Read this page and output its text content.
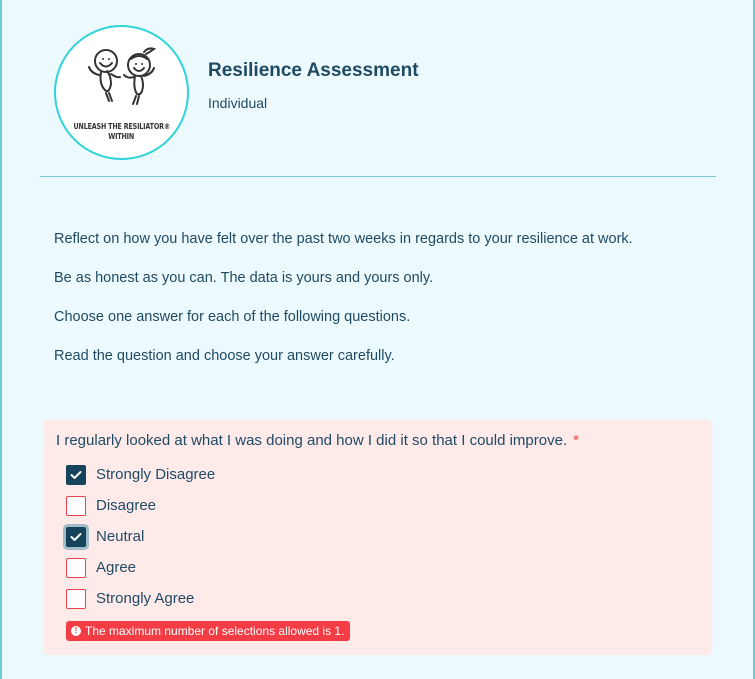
UNLEASH THE RESILIATOR®
WITHIN
Resilience Assessment
Individual

Reflect on how you have felt over the past two weeks in regards to your resilience at work.

Be as honest as you can. The data is yours and yours only.

Choose one answer for each of the following questions.

Read the question and choose your answer carefully.

I regularly looked at what I was doing and how I did it so that I could improve. *
Strongly Disagree
Disagree
Neutral
Agree
Strongly Agree
! The maximum number of selections allowed is 1.
